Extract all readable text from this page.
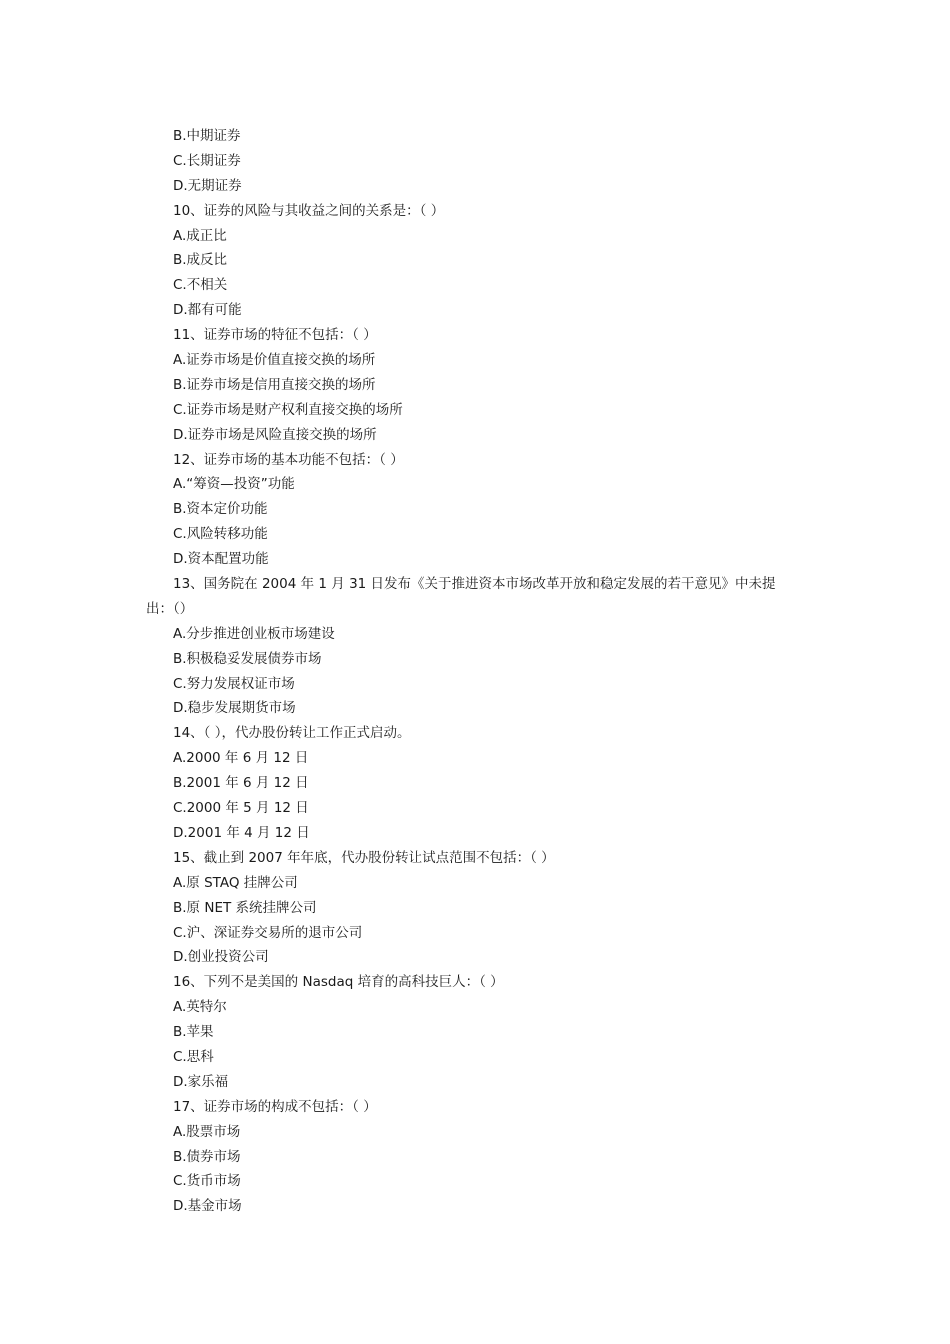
B.中期证券
C.长期证券
D.无期证券
10、证券的风险与其收益之间的关系是：（ ）
A.成正比
B.成反比
C.不相关
D.都有可能
11、证券市场的特征不包括：（ ）
A.证券市场是价值直接交换的场所
B.证券市场是信用直接交换的场所
C.证券市场是财产权利直接交换的场所
D.证券市场是风险直接交换的场所
12、证券市场的基本功能不包括：（ ）
A.“筹资—投资”功能
B.资本定价功能
C.风险转移功能
D.资本配置功能
13、国务院在 2004 年 1 月 31 日发布《关于推进资本市场改革开放和稳定发展的若干意见》中未提
出：（）
A.分步推进创业板市场建设
B.积极稳妥发展债券市场
C.努力发展权证市场
D.稳步发展期货市场
14、（ ），代办股份转让工作正式启动。
A.2000 年 6 月 12 日
B.2001 年 6 月 12 日
C.2000 年 5 月 12 日
D.2001 年 4 月 12 日
15、截止到 2007 年年底，代办股份转让试点范围不包括：（ ）
A.原 STAQ 挂牌公司
B.原 NET 系统挂牌公司
C.沪、深证券交易所的退市公司
D.创业投资公司
16、下列不是美国的 Nasdaq 培育的高科技巨人：（ ）
A.英特尔
B.苹果
C.思科
D.家乐福
17、证券市场的构成不包括：（ ）
A.股票市场
B.债券市场
C.货币市场
D.基金市场
